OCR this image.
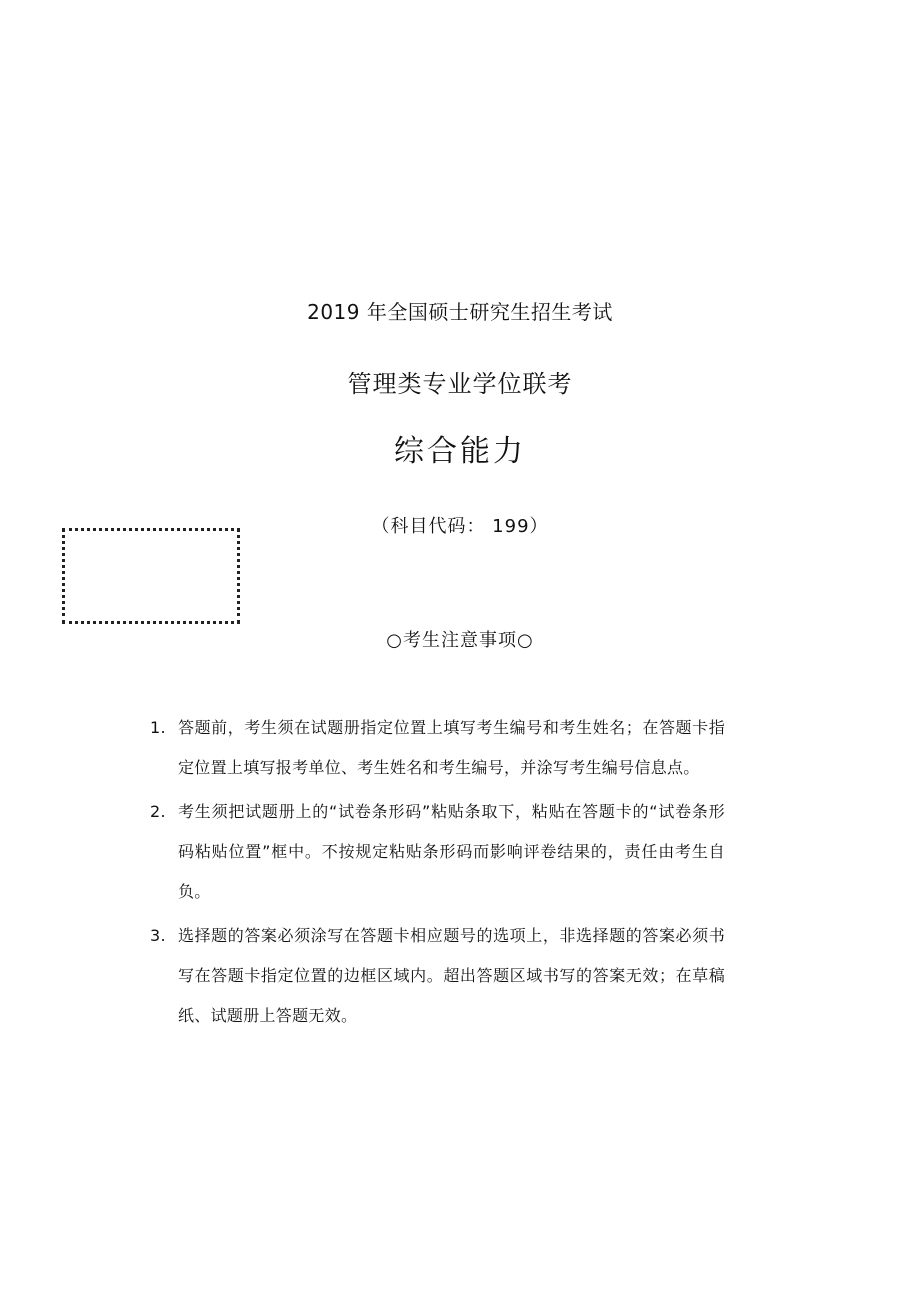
2019 年全国硕士研究生招生考试
管理类专业学位联考
综合能力
（科目代码： 199）
○考生注意事项○
1. 答题前，考生须在试题册指定位置上填写考生编号和考生姓名；在答题卡指定位置上填写报考单位、考生姓名和考生编号，并涂写考生编号信息点。
2. 考生须把试题册上的“试卷条形码”粘贴条取下，粘贴在答题卡的“试卷条形码粘贴位置”框中。不按规定粘贴条形码而影响评卷结果的，责任由考生自负。
3. 选择题的答案必须涂写在答题卡相应题号的选项上，非选择题的答案必须书写在答题卡指定位置的边框区域内。超出答题区域书写的答案无效；在草稿纸、试题册上答题无效。
